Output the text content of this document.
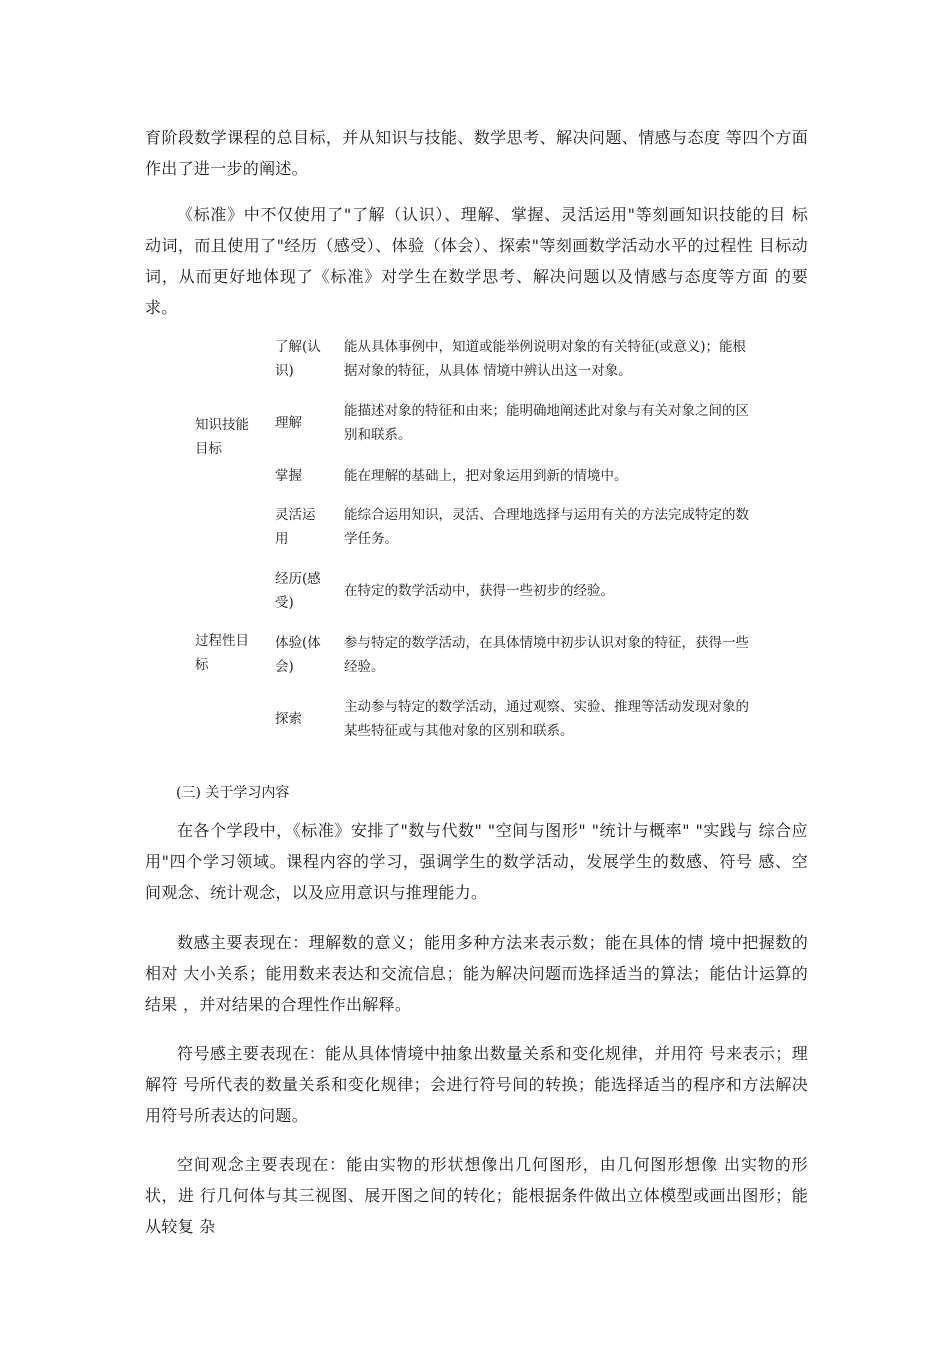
育阶段数学课程的总目标，并从知识与技能、数学思考、解决问题、情感与态度 等四个方面作出了进一步的阐述。
《标准》中不仅使用了"了解（认识）、理解、掌握、灵活运用"等刻画知识技能的目 标动词，而且使用了"经历（感受）、体验（体会）、探索"等刻画数学活动水平的过程性 目标动词，从而更好地体现了《标准》对学生在数学思考、解决问题以及情感与态度等方面 的要求。
知识技能目标
过程性目标
了解(认识)
能从具体事例中，知道或能举例说明对象的有关特征(或意义)；能根据对象的特征，从具体 情境中辨认出这一对象。
理解
能描述对象的特征和由来；能明确地阐述此对象与有关对象之间的区别和联系。
掌握	能在理解的基础上，把对象运用到新的情境中。
灵活运用
能综合运用知识，灵活、合理地选择与运用有关的方法完成特定的数学任务。
经历(感受)
在特定的数学活动中，获得一些初步的经验。
体验(体会)
参与特定的数学活动，在具体情境中初步认识对象的特征，获得一些经验。
探索
主动参与特定的数学活动，通过观察、实验、推理等活动发现对象的某些特征或与其他对象的区别和联系。
(三) 关于学习内容
在各个学段中，《标准》安排了"数与代数" "空间与图形" "统计与概率" "实践与 综合应用"四个学习领域。课程内容的学习，强调学生的数学活动，发展学生的数感、符号 感、空间观念、统计观念，以及应用意识与推理能力。
数感主要表现在：理解数的意义；能用多种方法来表示数；能在具体的情 境中把握数的相对 大小关系；能用数来表达和交流信息；能为解决问题而选择适当的算法；能估计运算的结果 ，并对结果的合理性作出解释。
符号感主要表现在：能从具体情境中抽象出数量关系和变化规律，并用符 号来表示；理解符 号所代表的数量关系和变化规律；会进行符号间的转换；能选择适当的程序和方法解决用符号所表达的问题。
空间观念主要表现在：能由实物的形状想像出几何图形，由几何图形想像 出实物的形状，进 行几何体与其三视图、展开图之间的转化；能根据条件做出立体模型或画出图形；能从较复 杂
